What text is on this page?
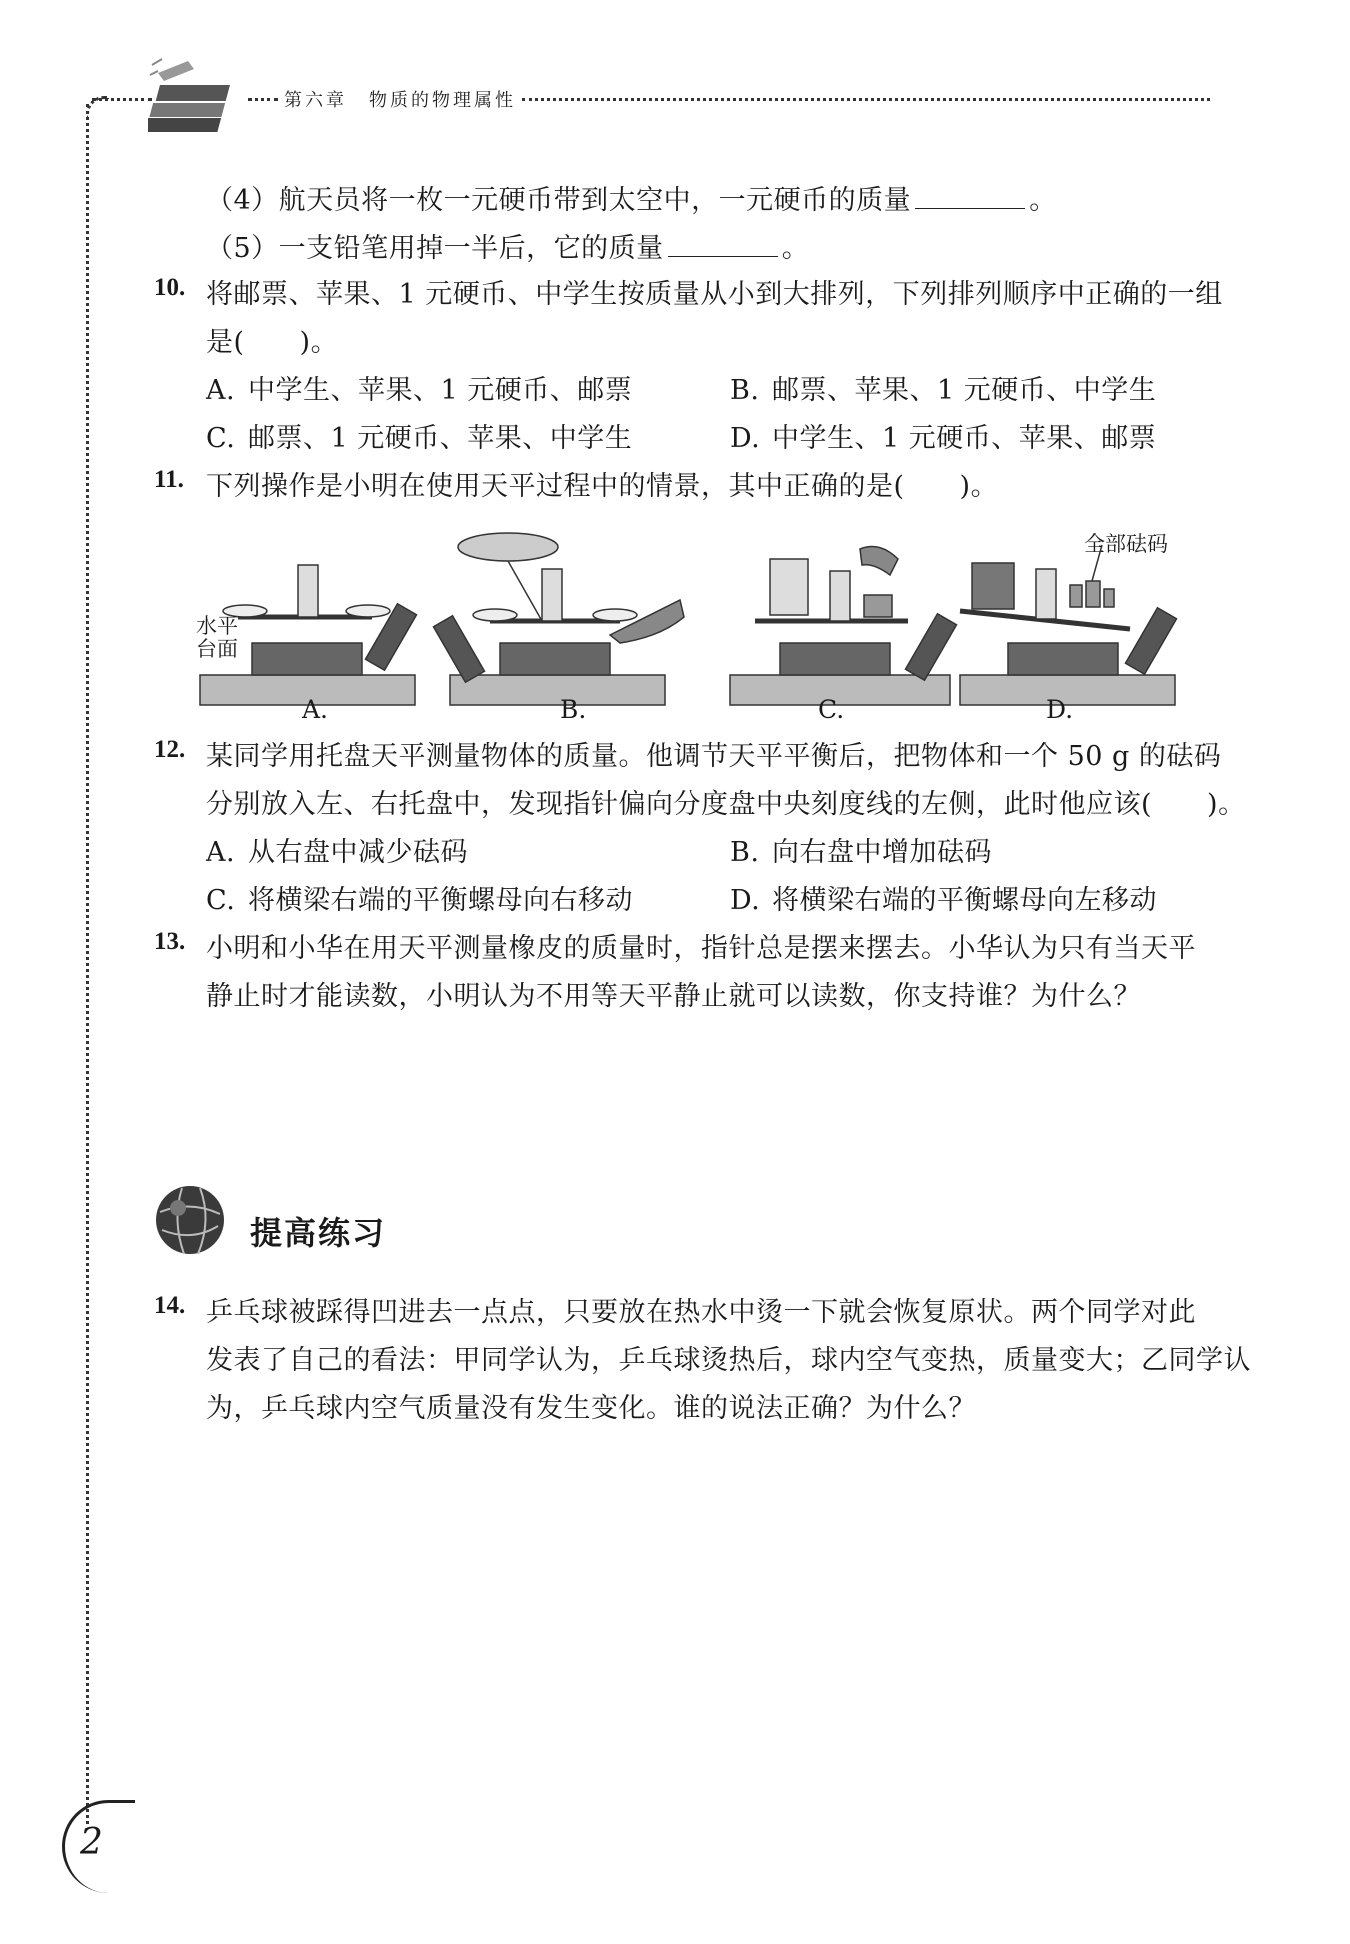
第六章 物质的物理属性
（4）航天员将一枚一元硬币带到太空中，一元硬币的质量	。
（5）一支铅笔用掉一半后，它的质量	。
10. 将邮票、苹果、1 元硬币、中学生按质量从小到大排列，下列排列顺序中正确的一组
是(　　)。
A. 中学生、苹果、1 元硬币、邮票	B. 邮票、苹果、1 元硬币、中学生
C. 邮票、1 元硬币、苹果、中学生	D. 中学生、1 元硬币、苹果、邮票
11. 下列操作是小明在使用天平过程中的情景，其中正确的是(　　)。
水平
台面
全部砝码
A.	B.	C.	D.
12. 某同学用托盘天平测量物体的质量。他调节天平平衡后，把物体和一个 50 g 的砝码
分别放入左、右托盘中，发现指针偏向分度盘中央刻度线的左侧，此时他应该(　　)。
A. 从右盘中减少砝码	B. 向右盘中增加砝码
C. 将横梁右端的平衡螺母向右移动	D. 将横梁右端的平衡螺母向左移动
13. 小明和小华在用天平测量橡皮的质量时，指针总是摆来摆去。小华认为只有当天平
静止时才能读数，小明认为不用等天平静止就可以读数，你支持谁？为什么？
提高练习
14. 乒乓球被踩得凹进去一点点，只要放在热水中烫一下就会恢复原状。两个同学对此
发表了自己的看法：甲同学认为，乒乓球烫热后，球内空气变热，质量变大；乙同学认
为，乒乓球内空气质量没有发生变化。谁的说法正确？为什么？
2
